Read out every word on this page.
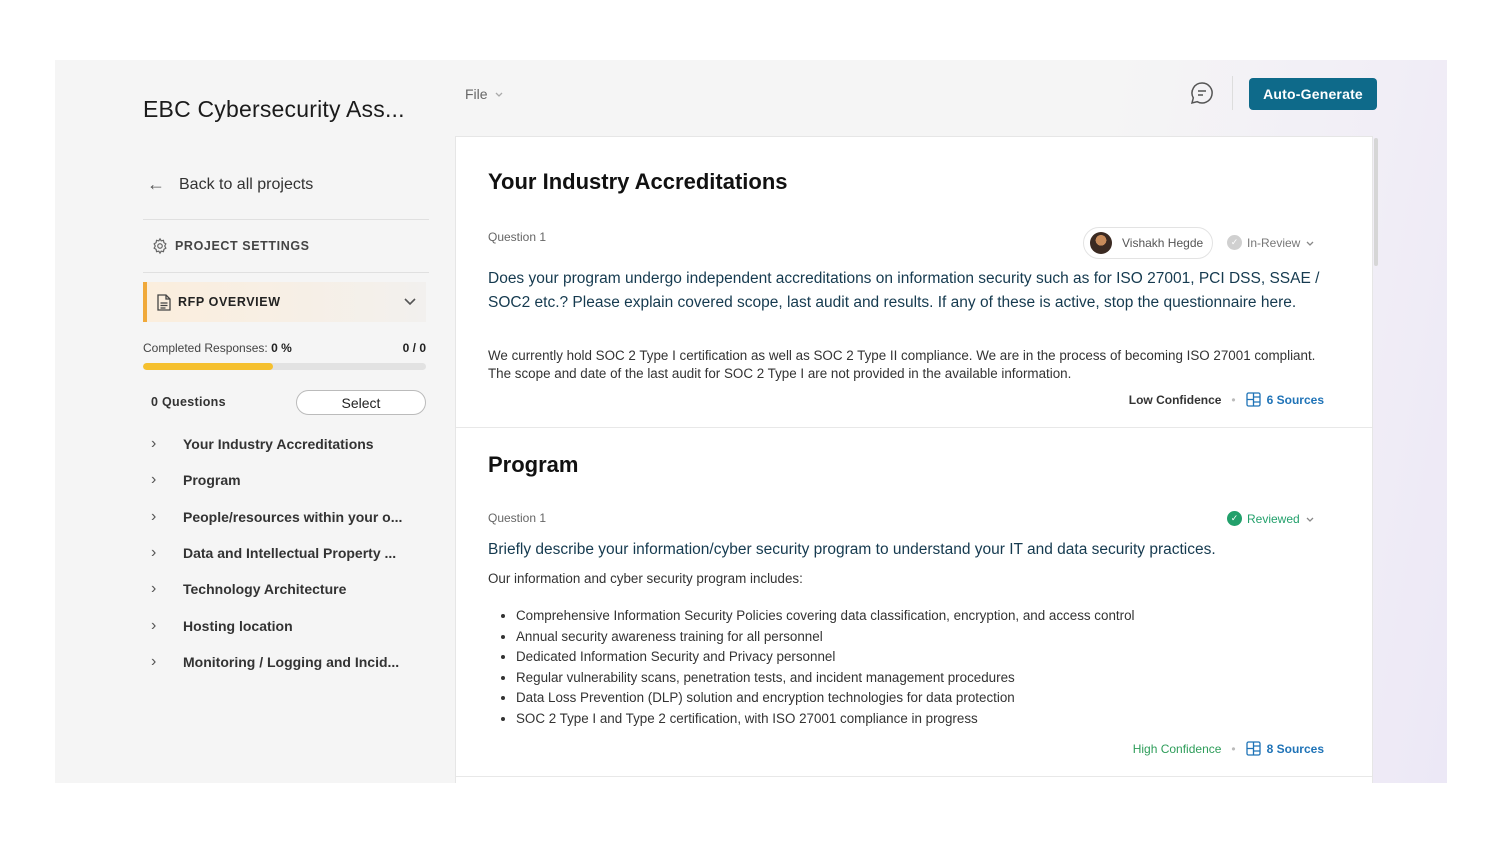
EBC Cybersecurity Ass...
← Back to all projects
PROJECT SETTINGS
RFP OVERVIEW
Completed Responses: 0 %	0 / 0
0 Questions	Select
›	Your Industry Accreditations
›	Program
›	People/resources within your o...
›	Data and Intellectual Property ...
›	Technology Architecture
›	Hosting location
›	Monitoring / Logging and Incid...
File	Auto-Generate
Your Industry Accreditations
Question 1	Vishakh Hegde	✓ In-Review
Does your program undergo independent accreditations on information security such as for ISO 27001, PCI DSS, SSAE / SOC2 etc.? Please explain covered scope, last audit and results. If any of these is active, stop the questionnaire here.
We currently hold SOC 2 Type I certification as well as SOC 2 Type II compliance. We are in the process of becoming ISO 27001 compliant. The scope and date of the last audit for SOC 2 Type I are not provided in the available information.
Low Confidence •	6 Sources
Program
Question 1	✓ Reviewed
Briefly describe your information/cyber security program to understand your IT and data security practices.
Our information and cyber security program includes:
• Comprehensive Information Security Policies covering data classification, encryption, and access control
• Annual security awareness training for all personnel
• Dedicated Information Security and Privacy personnel
• Regular vulnerability scans, penetration tests, and incident management procedures
• Data Loss Prevention (DLP) solution and encryption technologies for data protection
• SOC 2 Type I and Type 2 certification, with ISO 27001 compliance in progress
High Confidence •	8 Sources
